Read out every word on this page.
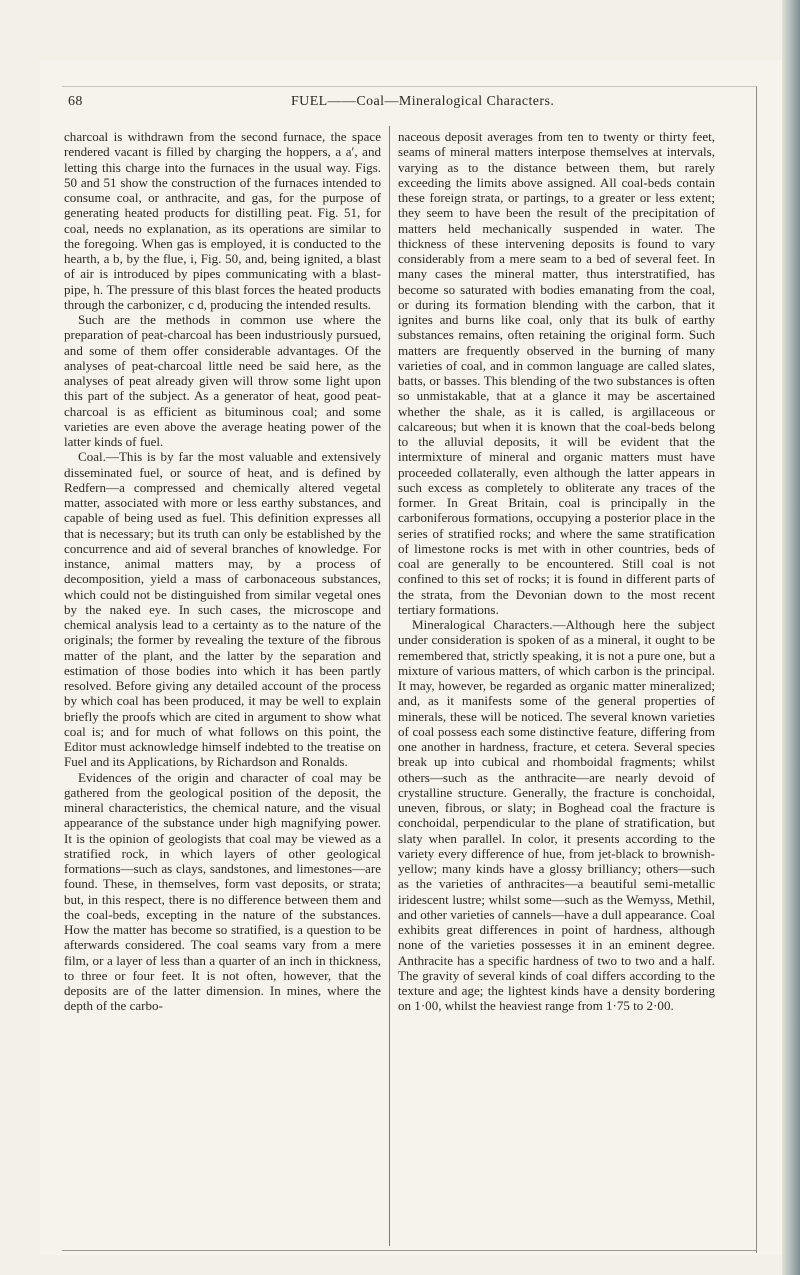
68	FUEL——Coal—Mineralogical Characters.

charcoal is withdrawn from the second furnace, the space rendered vacant is filled by charging the hoppers, a a′, and letting this charge into the furnaces in the usual way. Figs. 50 and 51 show the construction of the furnaces intended to consume coal, or anthracite, and gas, for the purpose of generating heated products for distilling peat. Fig. 51, for coal, needs no explanation, as its operations are similar to the foregoing. When gas is employed, it is conducted to the hearth, a b, by the flue, i, Fig. 50, and, being ignited, a blast of air is introduced by pipes communicating with a blast-pipe, h. The pressure of this blast forces the heated products through the carbonizer, c d, producing the intended results.

Such are the methods in common use where the preparation of peat-charcoal has been industriously pursued, and some of them offer considerable advantages. Of the analyses of peat-charcoal little need be said here, as the analyses of peat already given will throw some light upon this part of the subject. As a generator of heat, good peat-charcoal is as efficient as bituminous coal; and some varieties are even above the average heating power of the latter kinds of fuel.

Coal.—This is by far the most valuable and extensively disseminated fuel, or source of heat, and is defined by Redfern—a compressed and chemically altered vegetal matter, associated with more or less earthy substances, and capable of being used as fuel. This definition expresses all that is necessary; but its truth can only be established by the concurrence and aid of several branches of knowledge. For instance, animal matters may, by a process of decomposition, yield a mass of carbonaceous substances, which could not be distinguished from similar vegetal ones by the naked eye. In such cases, the microscope and chemical analysis lead to a certainty as to the nature of the originals; the former by revealing the texture of the fibrous matter of the plant, and the latter by the separation and estimation of those bodies into which it has been partly resolved. Before giving any detailed account of the process by which coal has been produced, it may be well to explain briefly the proofs which are cited in argument to show what coal is; and for much of what follows on this point, the Editor must acknowledge himself indebted to the treatise on Fuel and its Applications, by Richardson and Ronalds.

Evidences of the origin and character of coal may be gathered from the geological position of the deposit, the mineral characteristics, the chemical nature, and the visual appearance of the substance under high magnifying power. It is the opinion of geologists that coal may be viewed as a stratified rock, in which layers of other geological formations—such as clays, sandstones, and limestones—are found. These, in themselves, form vast deposits, or strata; but, in this respect, there is no difference between them and the coal-beds, excepting in the nature of the substances. How the matter has become so stratified, is a question to be afterwards considered. The coal seams vary from a mere film, or a layer of less than a quarter of an inch in thickness, to three or four feet. It is not often, however, that the deposits are of the latter dimension. In mines, where the depth of the carbo-

naceous deposit averages from ten to twenty or thirty feet, seams of mineral matters interpose themselves at intervals, varying as to the distance between them, but rarely exceeding the limits above assigned. All coal-beds contain these foreign strata, or partings, to a greater or less extent; they seem to have been the result of the precipitation of matters held mechanically suspended in water. The thickness of these intervening deposits is found to vary considerably from a mere seam to a bed of several feet. In many cases the mineral matter, thus interstratified, has become so saturated with bodies emanating from the coal, or during its formation blending with the carbon, that it ignites and burns like coal, only that its bulk of earthy substances remains, often retaining the original form. Such matters are frequently observed in the burning of many varieties of coal, and in common language are called slates, batts, or basses. This blending of the two substances is often so unmistakable, that at a glance it may be ascertained whether the shale, as it is called, is argillaceous or calcareous; but when it is known that the coal-beds belong to the alluvial deposits, it will be evident that the intermixture of mineral and organic matters must have proceeded collaterally, even although the latter appears in such excess as completely to obliterate any traces of the former. In Great Britain, coal is principally in the carboniferous formations, occupying a posterior place in the series of stratified rocks; and where the same stratification of limestone rocks is met with in other countries, beds of coal are generally to be encountered. Still coal is not confined to this set of rocks; it is found in different parts of the strata, from the Devonian down to the most recent tertiary formations.

Mineralogical Characters.—Although here the subject under consideration is spoken of as a mineral, it ought to be remembered that, strictly speaking, it is not a pure one, but a mixture of various matters, of which carbon is the principal. It may, however, be regarded as organic matter mineralized; and, as it manifests some of the general properties of minerals, these will be noticed. The several known varieties of coal possess each some distinctive feature, differing from one another in hardness, fracture, et cetera. Several species break up into cubical and rhomboidal fragments; whilst others—such as the anthracite—are nearly devoid of crystalline structure. Generally, the fracture is conchoidal, uneven, fibrous, or slaty; in Boghead coal the fracture is conchoidal, perpendicular to the plane of stratification, but slaty when parallel. In color, it presents according to the variety every difference of hue, from jet-black to brownish-yellow; many kinds have a glossy brilliancy; others—such as the varieties of anthracites—a beautiful semi-metallic iridescent lustre; whilst some—such as the Wemyss, Methil, and other varieties of cannels—have a dull appearance. Coal exhibits great differences in point of hardness, although none of the varieties possesses it in an eminent degree. Anthracite has a specific hardness of two to two and a half. The gravity of several kinds of coal differs according to the texture and age; the lightest kinds have a density bordering on 1·00, whilst the heaviest range from 1·75 to 2·00.
